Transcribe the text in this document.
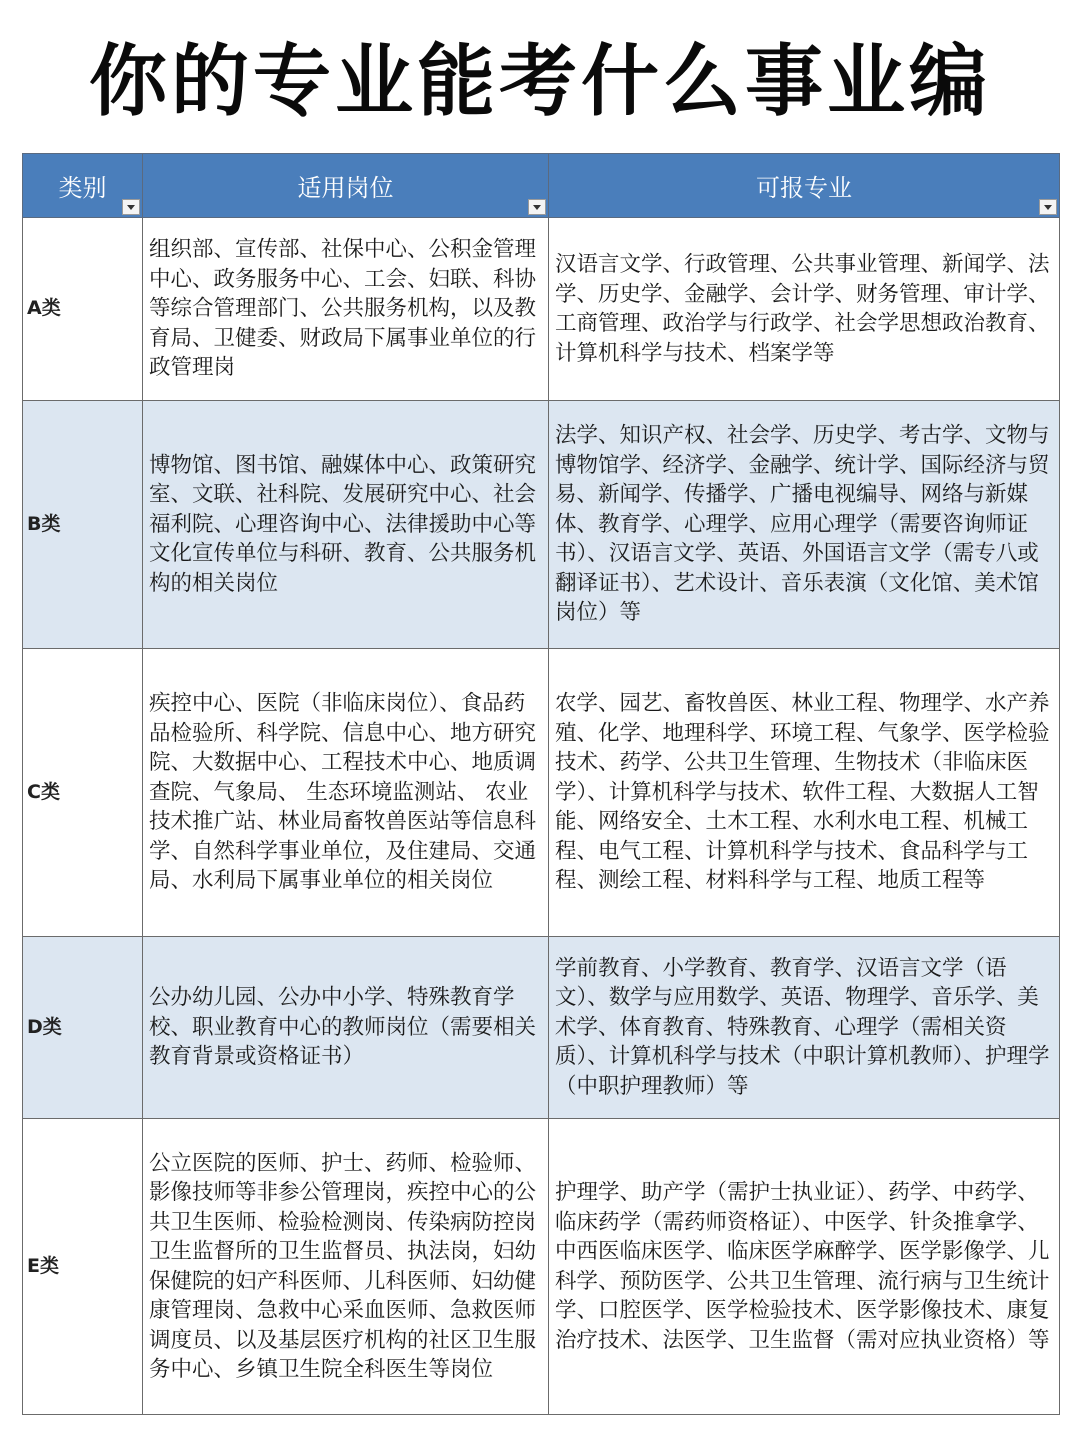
你的专业能考什么事业编
类别	适用岗位	可报专业

A类	组织部、宣传部、社保中心、公积金管理中心、政务服务中心、工会、妇联、科协等综合管理部门、公共服务机构，以及教育局、卫健委、财政局下属事业单位的行政管理岗	汉语言文学、行政管理、公共事业管理、新闻学、法学、历史学、金融学、会计学、财务管理、审计学、工商管理、政治学与行政学、社会学思想政治教育、计算机科学与技术、档案学等

B类	博物馆、图书馆、融媒体中心、政策研究室、文联、社科院、发展研究中心、社会福利院、心理咨询中心、法律援助中心等文化宣传单位与科研、教育、公共服务机构的相关岗位	法学、知识产权、社会学、历史学、考古学、文物与博物馆学、经济学、金融学、统计学、国际经济与贸易、新闻学、传播学、广播电视编导、网络与新媒体、教育学、心理学、应用心理学（需要咨询师证书）、汉语言文学、英语、外国语言文学（需专八或翻译证书）、艺术设计、音乐表演（文化馆、美术馆岗位）等

C类	疾控中心、医院（非临床岗位）、食品药品检验所、科学院、信息中心、地方研究院、大数据中心、工程技术中心、地质调查院、气象局、 生态环境监测站、 农业技术推广站、林业局畜牧兽医站等信息科学、自然科学事业单位，及住建局、交通局、水利局下属事业单位的相关岗位	农学、园艺、畜牧兽医、林业工程、物理学、水产养殖、化学、地理科学、环境工程、气象学、医学检验技术、药学、公共卫生管理、生物技术（非临床医学）、计算机科学与技术、软件工程、大数据人工智能、网络安全、土木工程、水利水电工程、机械工程、电气工程、计算机科学与技术、食品科学与工程、测绘工程、材料科学与工程、地质工程等

D类	公办幼儿园、公办中小学、特殊教育学校、职业教育中心的教师岗位（需要相关教育背景或资格证书）	学前教育、小学教育、教育学、汉语言文学（语文）、数学与应用数学、英语、物理学、音乐学、美术学、体育教育、特殊教育、心理学（需相关资质）、计算机科学与技术（中职计算机教师）、护理学（中职护理教师）等

E类	公立医院的医师、护士、药师、检验师、影像技师等非参公管理岗，疾控中心的公共卫生医师、检验检测岗、传染病防控岗卫生监督所的卫生监督员、执法岗，妇幼保健院的妇产科医师、儿科医师、妇幼健康管理岗、急救中心采血医师、急救医师调度员、以及基层医疗机构的社区卫生服务中心、乡镇卫生院全科医生等岗位	护理学、助产学（需护士执业证）、药学、中药学、临床药学（需药师资格证）、中医学、针灸推拿学、中西医临床医学、临床医学麻醉学、医学影像学、儿科学、预防医学、公共卫生管理、流行病与卫生统计学、口腔医学、医学检验技术、医学影像技术、康复治疗技术、法医学、卫生监督（需对应执业资格）等
